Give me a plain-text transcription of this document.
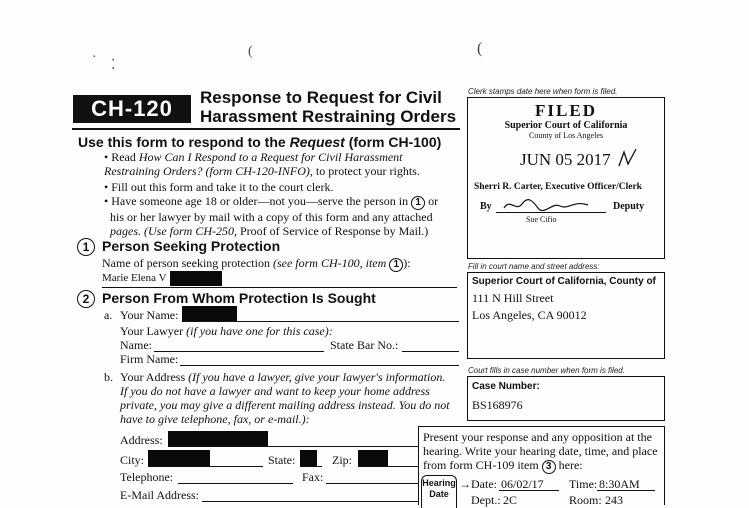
·
⁚
(	(
CH-120	Response to Request for Civil
Harassment Restraining Orders
Use this form to respond to the Request (form CH-100)
• Read How Can I Respond to a Request for Civil Harassment
Restraining Orders? (form CH-120-INFO), to protect your rights.
• Fill out this form and take it to the court clerk.
• Have someone age 18 or older—not you—serve the person in 1 or
his or her lawyer by mail with a copy of this form and any attached
pages. (Use form CH-250, Proof of Service of Response by Mail.)
1 Person Seeking Protection
Name of person seeking protection (see form CH-100, item 1 ):
Marie Elena V
2 Person From Whom Protection Is Sought
a. Your Name:
Your Lawyer (if you have one for this case):
Name:	State Bar No.:
Firm Name:
b. Your Address (If you have a lawyer, give your lawyer's information.
If you do not have a lawyer and want to keep your home address
private, you may give a different mailing address instead. You do not
have to give telephone, fax, or e-mail.):
Address:
City:	State:	Zip:
Telephone:	Fax:
E-Mail Address:
Clerk stamps date here when form is filed.
FILED
Superior Court of California
County of Los Angeles
JUN 05 2017
Sherri R. Carter, Executive Officer/Clerk
By	Deputy
Sue Cifio
Fill in court name and street address:
Superior Court of California, County of
111 N Hill Street
Los Angeles, CA 90012
Court fills in case number when form is filed.
Case Number:
BS168976
Present your response and any opposition at the
hearing. Write your hearing date, time, and place
from form CH-109 item 3 here:
Hearing
Date
→ Date: 06/02/17 Time: 8:30AM
Dept.: 2C	Room: 243
